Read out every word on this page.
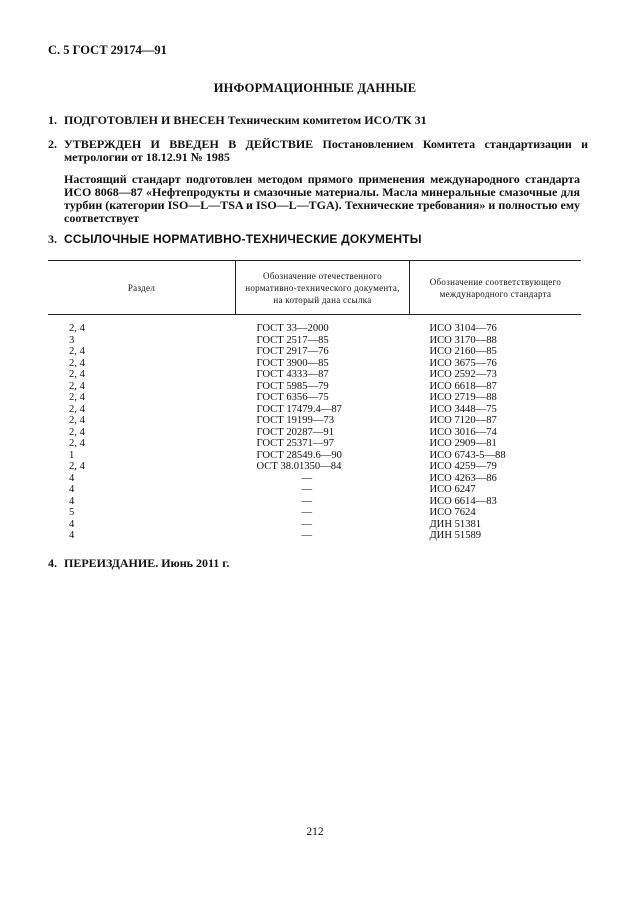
С. 5 ГОСТ 29174—91
ИНФОРМАЦИОННЫЕ ДАННЫЕ
1. ПОДГОТОВЛЕН И ВНЕСЕН Техническим комитетом ИСО/ТК 31
2. УТВЕРЖДЕН И ВВЕДЕН В ДЕЙСТВИЕ Постановлением Комитета стандартизации и метрологии от 18.12.91 № 1985
Настоящий стандарт подготовлен методом прямого применения международного стандарта ИСО 8068—87 «Нефтепродукты и смазочные материалы. Масла минеральные смазочные для турбин (категории ISO—L—TSA и ISO—L—TGA). Технические требования» и полностью ему соответствует
3. ССЫЛОЧНЫЕ НОРМАТИВНО-ТЕХНИЧЕСКИЕ ДОКУМЕНТЫ
Раздел	Обозначение отечественного нормативно-технического документа, на который дана ссылка	Обозначение соответствующего международного стандарта
2, 4	ГОСТ 33—2000	ИСО 3104—76
3	ГОСТ 2517—85	ИСО 3170—88
2, 4	ГОСТ 2917—76	ИСО 2160—85
2, 4	ГОСТ 3900—85	ИСО 3675—76
2, 4	ГОСТ 4333—87	ИСО 2592—73
2, 4	ГОСТ 5985—79	ИСО 6618—87
2, 4	ГОСТ 6356—75	ИСО 2719—88
2, 4	ГОСТ 17479.4—87	ИСО 3448—75
2, 4	ГОСТ 19199—73	ИСО 7120—87
2, 4	ГОСТ 20287—91	ИСО 3016—74
2, 4	ГОСТ 25371—97	ИСО 2909—81
1	ГОСТ 28549.6—90	ИСО 6743-5—88
2, 4	ОСТ 38.01350—84	ИСО 4259—79
4	—	ИСО 4263—86
4	—	ИСО 6247
4	—	ИСО 6614—83
5	—	ИСО 7624
4	—	ДИН 51381
4	—	ДИН 51589
4. ПЕРЕИЗДАНИЕ. Июнь 2011 г.
212
